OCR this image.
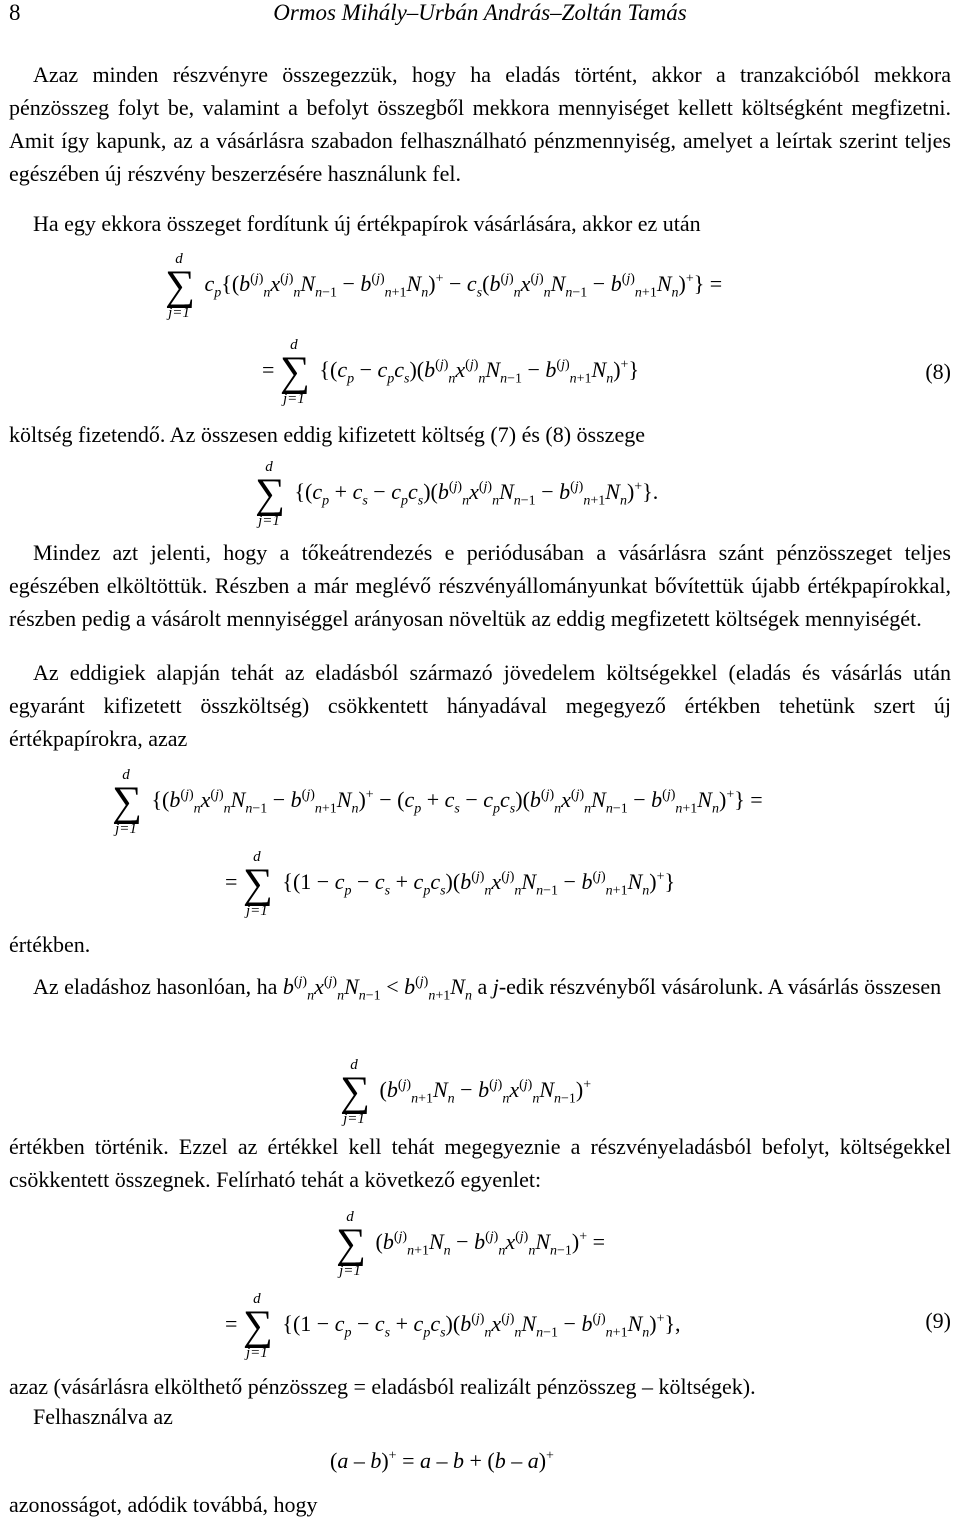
8	Ormos Mihály–Urbán András–Zoltán Tamás

Azaz minden részvényre összegezzük, hogy ha eladás történt, akkor a tranzakcióból mekkora pénzösszeg folyt be, valamint a befolyt összegből mekkora mennyiséget kellett költségként megfizetni. Amit így kapunk, az a vásárlásra szabadon felhasználható pénzmennyiség, amelyet a leírtak szerint teljes egészében új részvény beszerzésére használunk fel.

Ha egy ekkora összeget fordítunk új értékpapírok vásárlására, akkor ez után

d
∑
j=1
$c_p\{(b^{(j)}_nx^{(j)}_nN_{n-1} - b^{(j)}_{n+1}N_n)^+ - c_s(b^{(j)}_nx^{(j)}_nN_{n-1} - b^{(j)}_{n+1}N_n)^+\}$ =
=
d
∑
j=1
$\{(c_p - c_pc_s)(b^{(j)}_nx^{(j)}_nN_{n-1} - b^{(j)}_{n+1}N_n)^+\}$	(8)

költség fizetendő. Az összesen eddig kifizetett költség (7) és (8) összege

d
∑
j=1
$\{(c_p + c_s - c_pc_s)(b^{(j)}_nx^{(j)}_nN_{n-1} - b^{(j)}_{n+1}N_n)^+\}$.

Mindez azt jelenti, hogy a tőkeátrendezés e periódusában a vásárlásra szánt pénzösszeget teljes egészében elköltöttük. Részben a már meglévő részvényállományunkat bővítettük újabb értékpapírokkal, részben pedig a vásárolt mennyiséggel arányosan növeltük az eddig megfizetett költségek mennyiségét.

Az eddigiek alapján tehát az eladásból származó jövedelem költségekkel (eladás és vásárlás után egyaránt kifizetett összköltség) csökkentett hányadával megegyező értékben tehetünk szert új értékpapírokra, azaz

d
∑
j=1
$\{(b^{(j)}_nx^{(j)}_nN_{n-1} - b^{(j)}_{n+1}N_n)^+ - (c_p + c_s - c_pc_s)(b^{(j)}_nx^{(j)}_nN_{n-1} - b^{(j)}_{n+1}N_n)^+\}$ =
=
d
∑
j=1
$\{(1 - c_p - c_s + c_pc_s)(b^{(j)}_nx^{(j)}_nN_{n-1} - b^{(j)}_{n+1}N_n)^+\}$

értékben.

Az eladáshoz hasonlóan, ha $b^{(j)}_nx^{(j)}_nN_{n-1} < b^{(j)}_{n+1}N_n$ a j-edik részvényből vásárolunk. A vásárlás összesen
d
∑
j=1
$(b^{(j)}_{n+1}N_n - b^{(j)}_nx^{(j)}_nN_{n-1})^+$

értékben történik. Ezzel az értékkel kell tehát megegyeznie a részvényeladásból befolyt, költségekkel csökkentett összegnek. Felírható tehát a következő egyenlet:

d
∑
j=1
$(b^{(j)}_{n+1}N_n - b^{(j)}_nx^{(j)}_nN_{n-1})^+$ =
=
d
∑
j=1
$\{(1 - c_p - c_s + c_pc_s)(b^{(j)}_nx^{(j)}_nN_{n-1} - b^{(j)}_{n+1}N_n)^+\}$,	(9)

azaz (vásárlásra elkölthető pénzösszeg = eladásból realizált pénzösszeg – költségek).

Felhasználva az

(a – b)+ = a – b + (b – a)+

azonosságot, adódik továbbá, hogy
